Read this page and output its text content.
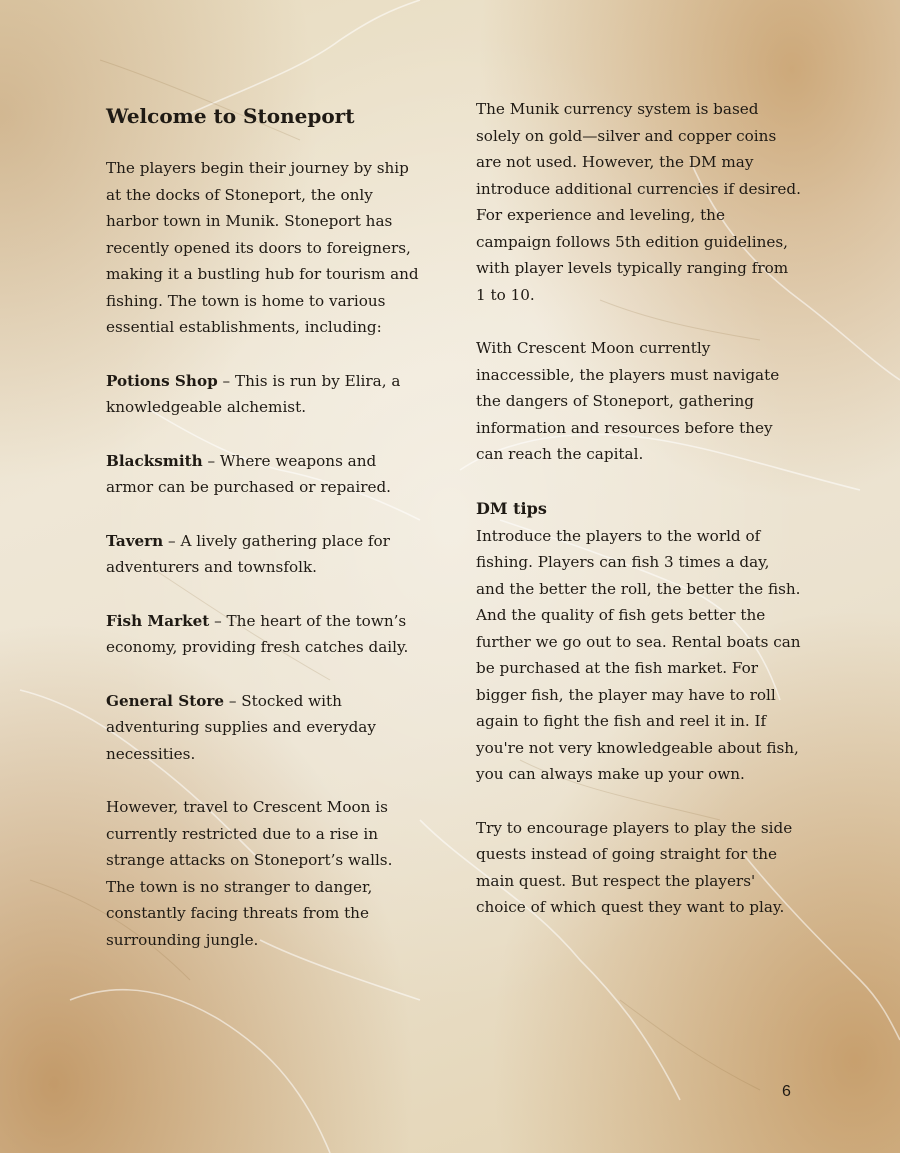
Welcome to Stoneport

The players begin their journey by ship at the docks of Stoneport, the only harbor town in Munik. Stoneport has recently opened its doors to foreigners, making it a bustling hub for tourism and fishing. The town is home to various essential establishments, including:

Potions Shop – This is run by Elira, a knowledgeable alchemist.

Blacksmith – Where weapons and armor can be purchased or repaired.

Tavern – A lively gathering place for adventurers and townsfolk.

Fish Market – The heart of the town’s economy, providing fresh catches daily.

General Store – Stocked with adventuring supplies and everyday necessities.

However, travel to Crescent Moon is currently restricted due to a rise in strange attacks on Stoneport’s walls. The town is no stranger to danger, constantly facing threats from the surrounding jungle.

The Munik currency system is based solely on gold—silver and copper coins are not used. However, the DM may introduce additional currencies if desired. For experience and leveling, the campaign follows 5th edition guidelines, with player levels typically ranging from 1 to 10.

With Crescent Moon currently inaccessible, the players must navigate the dangers of Stoneport, gathering information and resources before they can reach the capital.

DM tips

Introduce the players to the world of fishing. Players can fish 3 times a day, and the better the roll, the better the fish. And the quality of fish gets better the further we go out to sea. Rental boats can be purchased at the fish market. For bigger fish, the player may have to roll again to fight the fish and reel it in. If you're not very knowledgeable about fish, you can always make up your own.

Try to encourage players to play the side quests instead of going straight for the main quest. But respect the players' choice of which quest they want to play.

6
